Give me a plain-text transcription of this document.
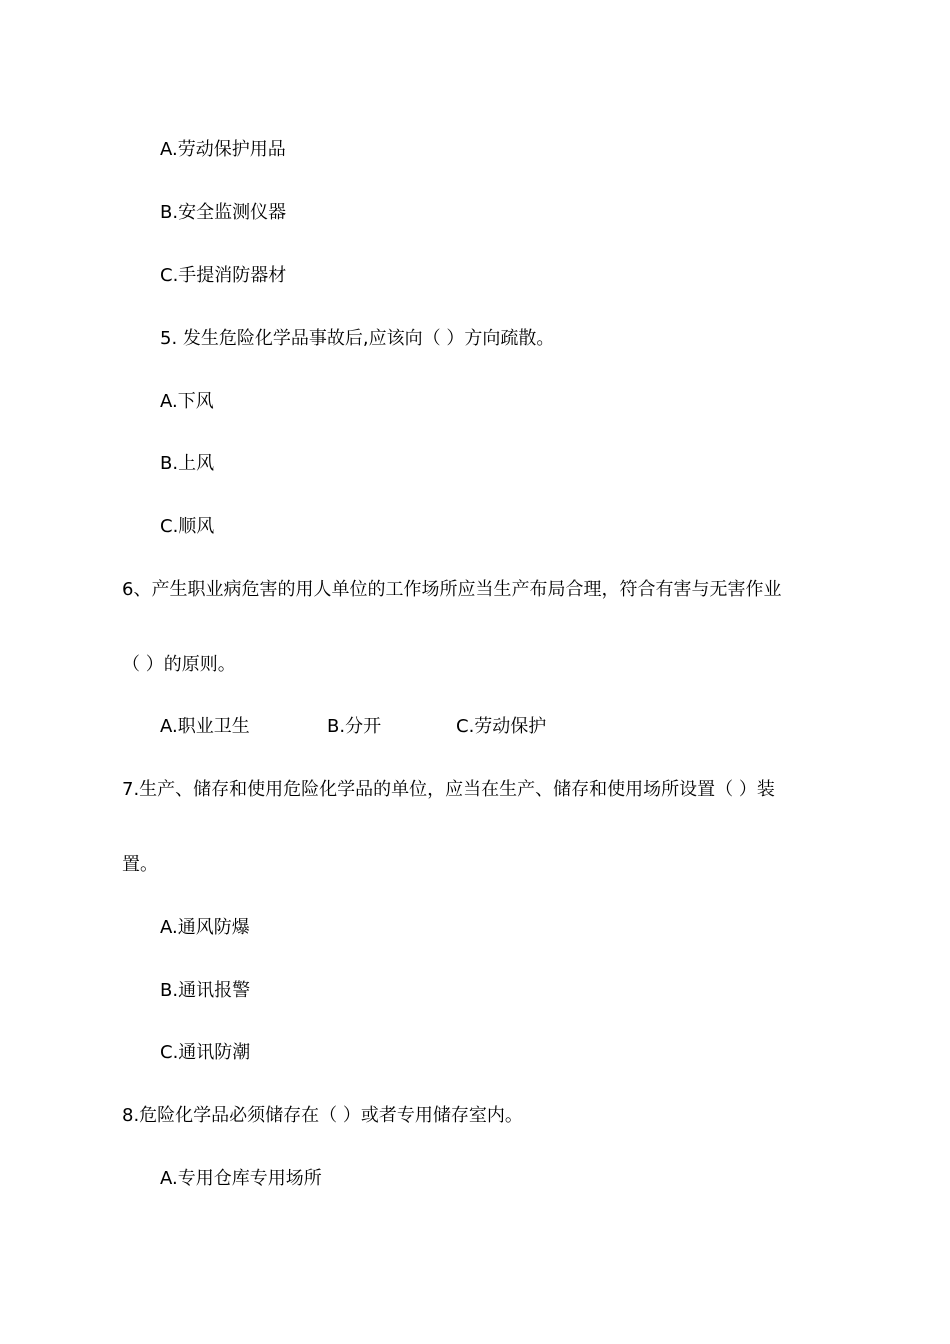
A.劳动保护用品
B.安全监测仪器
C.手提消防器材
5. 发生危险化学品事故后,应该向（ ）方向疏散。
A.下风
B.上风
C.顺风
6、产生职业病危害的用人单位的工作场所应当生产布局合理，符合有害与无害作业
（ ）的原则。
A.职业卫生	B.分开	C.劳动保护
7.生产、储存和使用危险化学品的单位，应当在生产、储存和使用场所设置（ ）装
置。
A.通风防爆
B.通讯报警
C.通讯防潮
8.危险化学品必须储存在（ ）或者专用储存室内。
A.专用仓库专用场所
